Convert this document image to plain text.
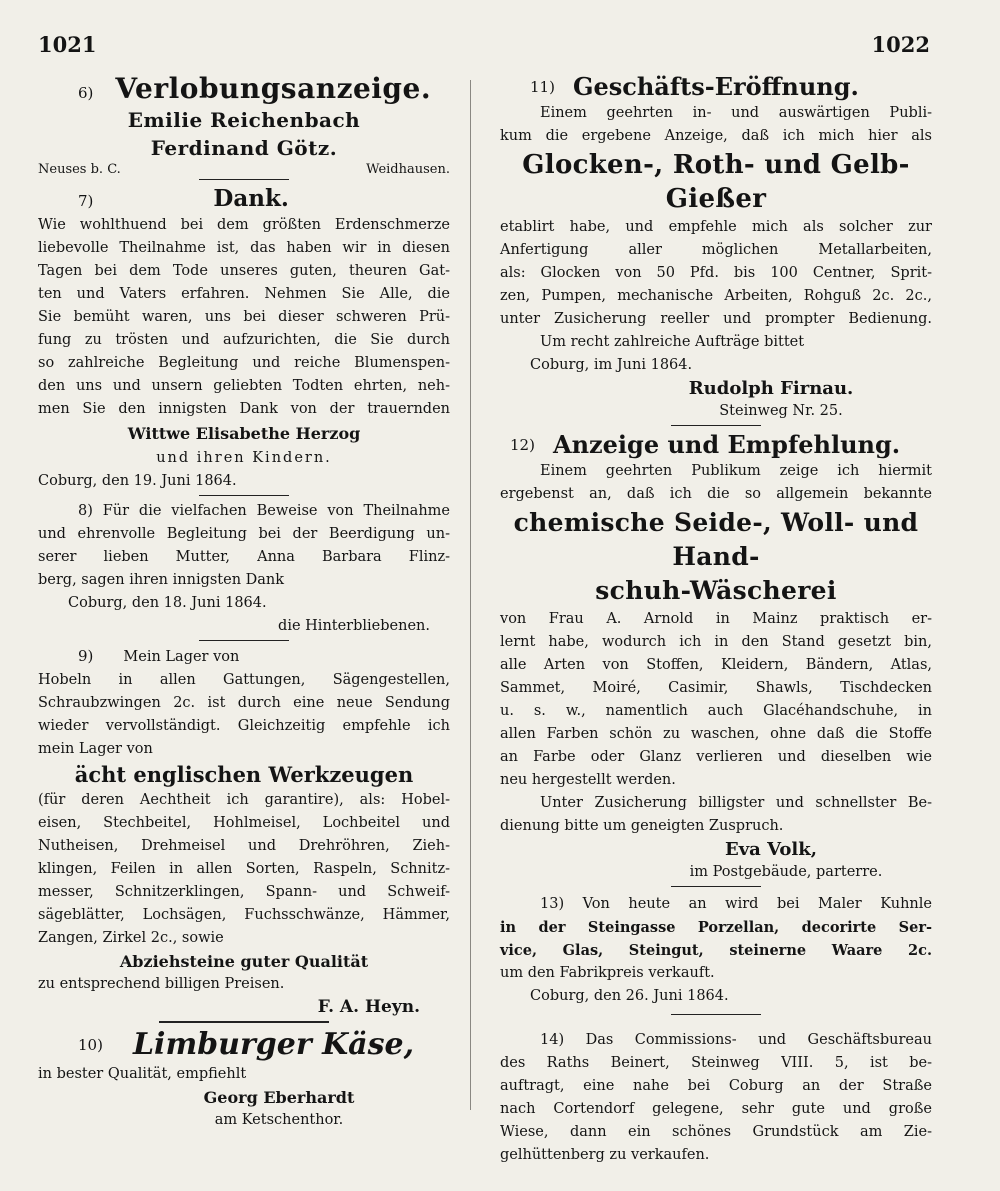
1021	1022
6) Verlobungsanzeige.
Emilie Reichenbach
Ferdinand Götz.
Neuses b. C.	Weidhausen.
7)	Dank.
Wie wohlthuend bei dem größten Erdenschmerze
liebevolle Theilnahme ist, das haben wir in diesen
Tagen bei dem Tode unseres guten, theuren Gat-
ten und Vaters erfahren. Nehmen Sie Alle, die
Sie bemüht waren, uns bei dieser schweren Prü-
fung zu trösten und aufzurichten, die Sie durch
so zahlreiche Begleitung und reiche Blumenspen-
den uns und unsern geliebten Todten ehrten, neh-
men Sie den innigsten Dank von der trauernden
Wittwe Elisabethe Herzog
und ihren Kindern.
Coburg, den 19. Juni 1864.
8) Für die vielfachen Beweise von Theilnahme
und ehrenvolle Begleitung bei der Beerdigung un-
serer lieben Mutter, Anna Barbara Flinz-
berg, sagen ihren innigsten Dank
Coburg, den 18. Juni 1864.
die Hinterbliebenen.
9) Mein Lager von
Hobeln in allen Gattungen, Sägengestellen,
Schraubzwingen 2c. ist durch eine neue Sendung
wieder vervollständigt. Gleichzeitig empfehle ich
mein Lager von
ächt englischen Werkzeugen
(für deren Aechtheit ich garantire), als: Hobel-
eisen, Stechbeitel, Hohlmeisel, Lochbeitel und
Nutheisen, Drehmeisel und Drehröhren, Zieh-
klingen, Feilen in allen Sorten, Raspeln, Schnitz-
messer, Schnitzerklingen, Spann- und Schweif-
sägeblätter, Lochsägen, Fuchsschwänze, Hämmer,
Zangen, Zirkel 2c., sowie
Abziehsteine guter Qualität
zu entsprechend billigen Preisen.
F. A. Heyn.
10) Limburger Käse,
in bester Qualität, empfiehlt
Georg Eberhardt
am Ketschenthor.
11) Geschäfts-Eröffnung.
Einem geehrten in- und auswärtigen Publi-
kum die ergebene Anzeige, daß ich mich hier als
Glocken-, Roth- und Gelb-Gießer
etablirt habe, und empfehle mich als solcher zur
Anfertigung aller möglichen Metallarbeiten,
als: Glocken von 50 Pfd. bis 100 Centner, Sprit-
zen, Pumpen, mechanische Arbeiten, Rohguß 2c. 2c.,
unter Zusicherung reeller und prompter Bedienung.
Um recht zahlreiche Aufträge bittet
Coburg, im Juni 1864.
Rudolph Firnau.
Steinweg Nr. 25.
12) Anzeige und Empfehlung.
Einem geehrten Publikum zeige ich hiermit
ergebenst an, daß ich die so allgemein bekannte
chemische Seide-, Woll- und Hand-
schuh-Wäscherei
von Frau A. Arnold in Mainz praktisch er-
lernt habe, wodurch ich in den Stand gesetzt bin,
alle Arten von Stoffen, Kleidern, Bändern, Atlas,
Sammet, Moiré, Casimir, Shawls, Tischdecken
u. s. w., namentlich auch Glacéhandschuhe, in
allen Farben schön zu waschen, ohne daß die Stoffe
an Farbe oder Glanz verlieren und dieselben wie
neu hergestellt werden.
Unter Zusicherung billigster und schnellster Be-
dienung bitte um geneigten Zuspruch.
Eva Volk,
im Postgebäude, parterre.
13) Von heute an wird bei Maler Kuhnle
in der Steingasse Porzellan, decorirte Ser-
vice, Glas, Steingut, steinerne Waare 2c.
um den Fabrikpreis verkauft.
Coburg, den 26. Juni 1864.
14) Das Commissions- und Geschäftsbureau
des Raths Beinert, Steinweg VIII. 5, ist be-
auftragt, eine nahe bei Coburg an der Straße
nach Cortendorf gelegene, sehr gute und große
Wiese, dann ein schönes Grundstück am Zie-
gelhüttenberg zu verkaufen.
